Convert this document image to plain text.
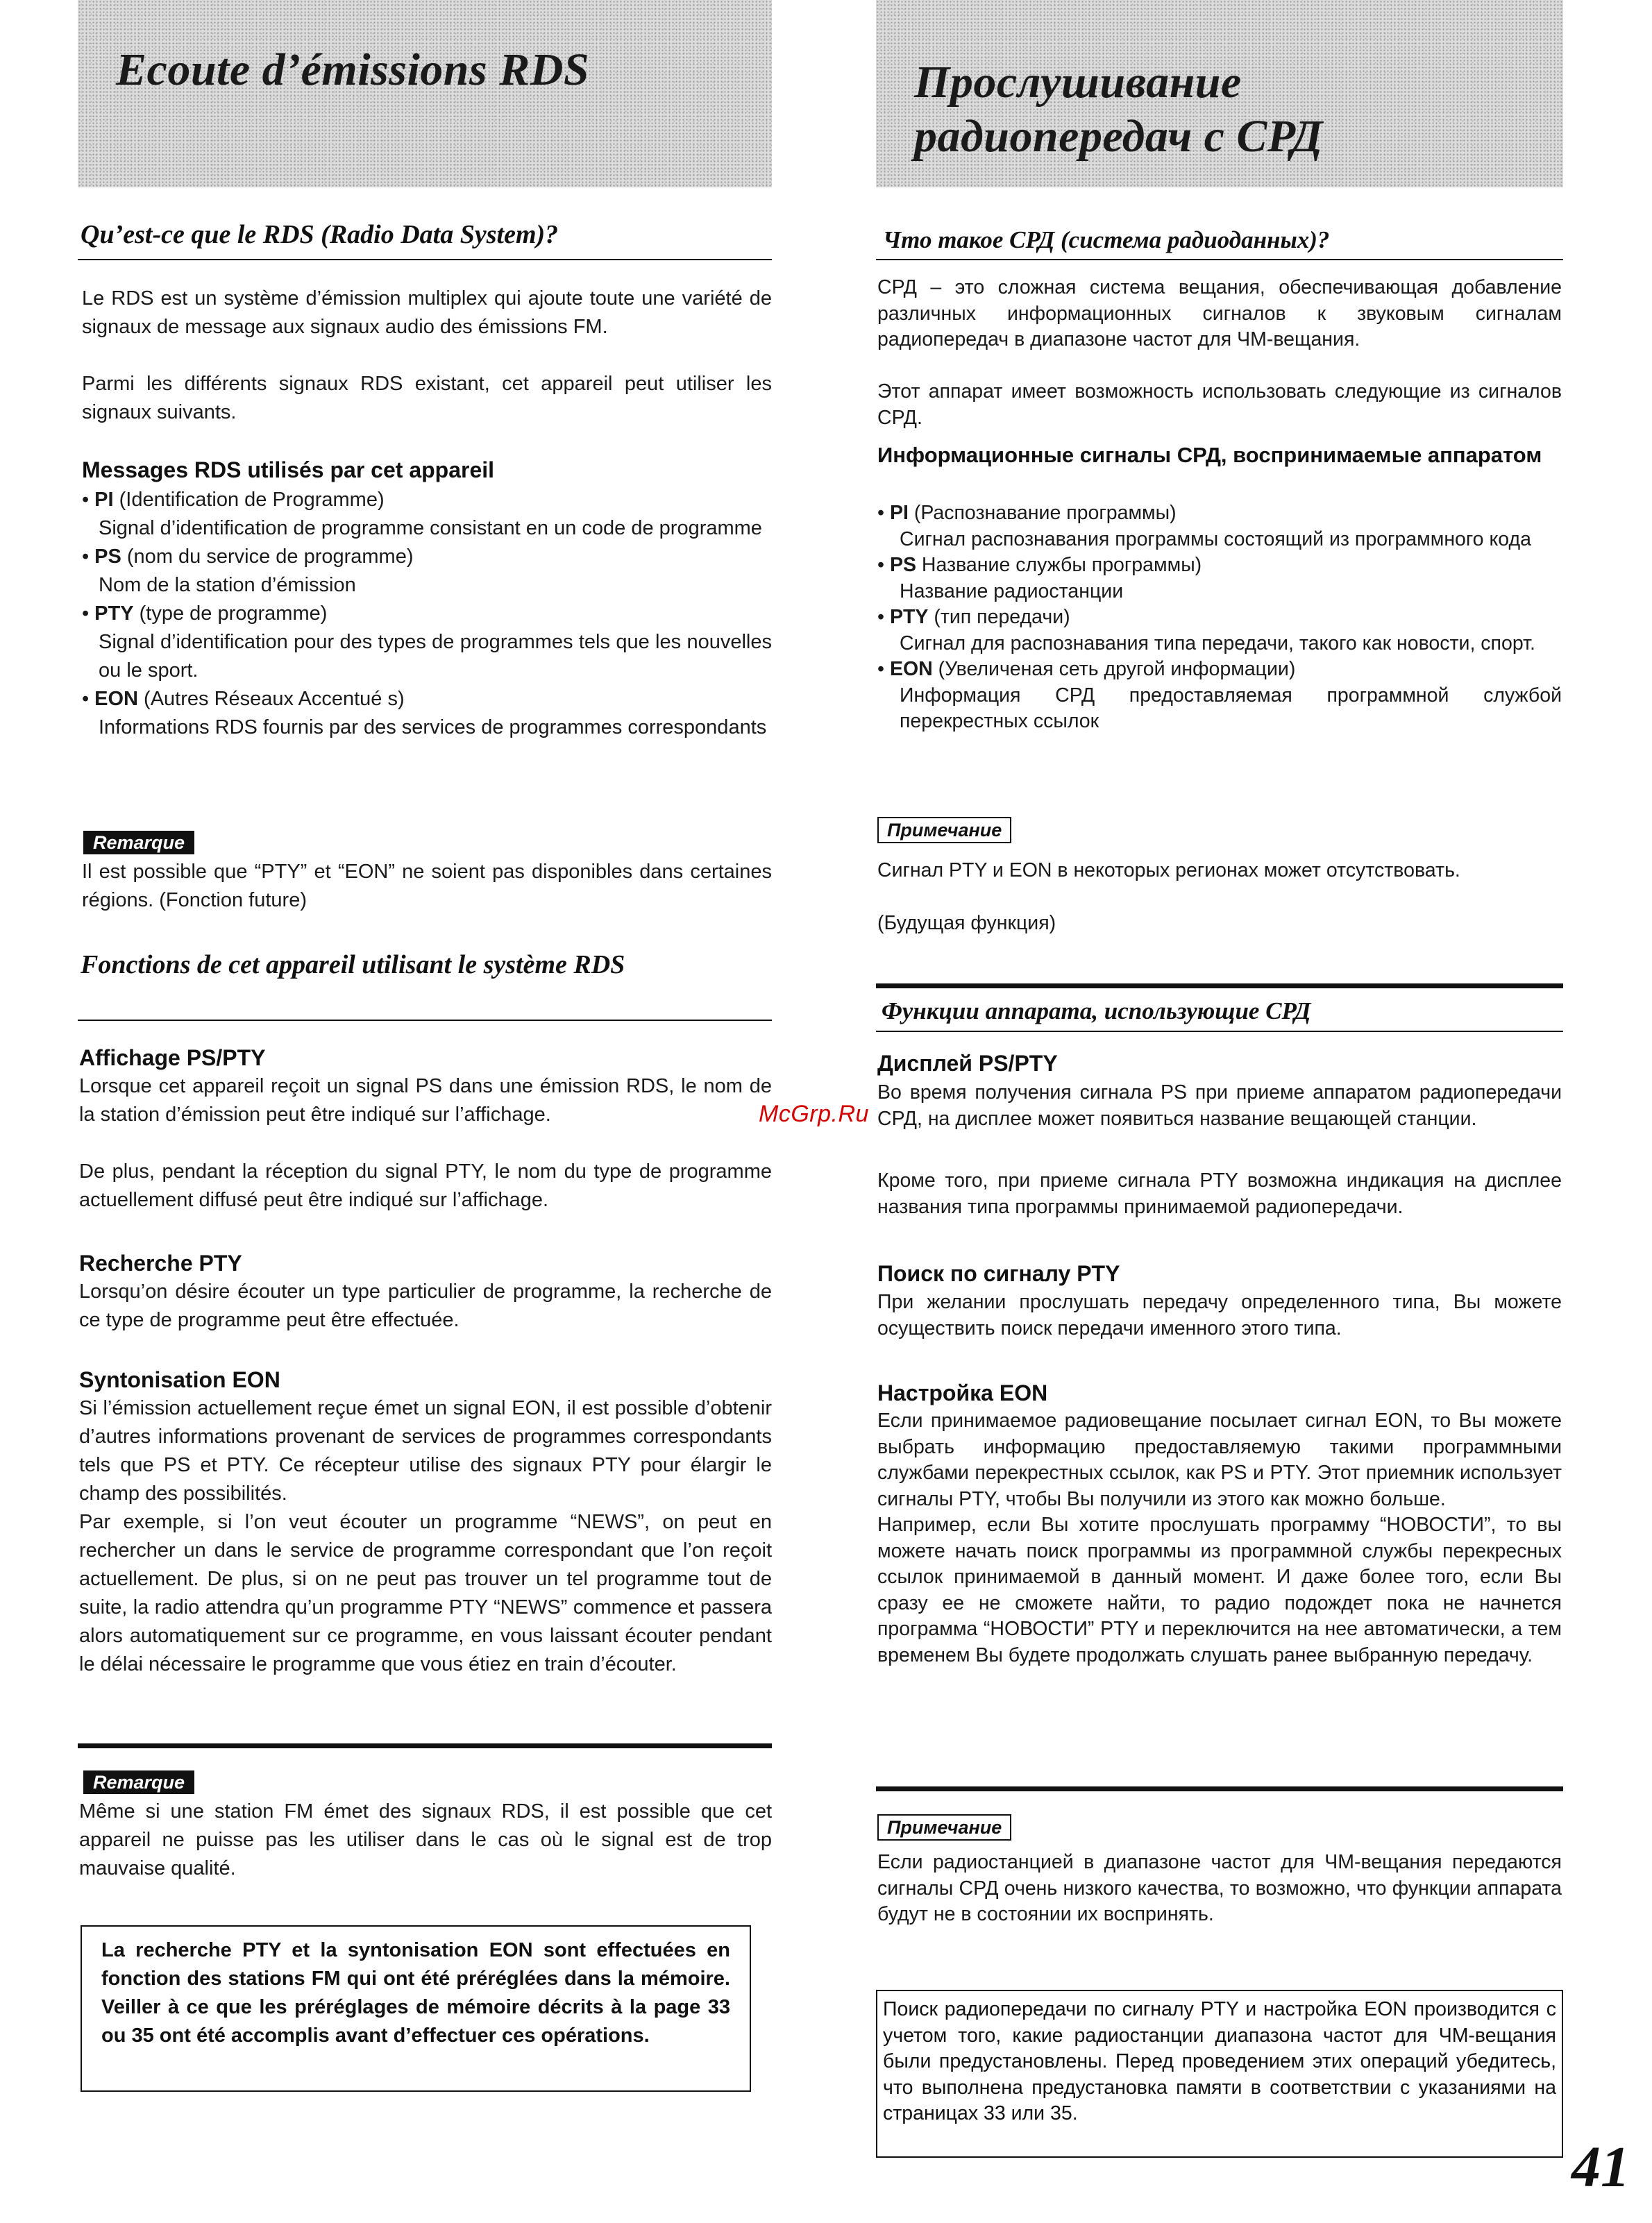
Ecoute d’émissions RDS	Прослушивание
радиопередач с СРД
Qu’est-ce que le RDS (Radio Data System)?

Le RDS est un système d’émission multiplex qui ajoute toute une variété de signaux de message aux signaux audio des émissions FM.

Parmi les différents signaux RDS existant, cet appareil peut utiliser les signaux suivants.

Messages RDS utilisés par cet appareil
• PI (Identification de Programme)
Signal d’identification de programme consistant en un code de programme
• PS (nom du service de programme)
Nom de la station d’émission
• PTY (type de programme)
Signal d’identification pour des types de programmes tels que les nouvelles ou le sport.
• EON (Autres Réseaux Accentué s)
Informations RDS fournis par des services de programmes correspondants
Remarque

Il est possible que “PTY” et “EON” ne soient pas disponibles dans certaines régions. (Fonction future)

Fonctions de cet appareil utilisant le système RDS
Affichage PS/PTY

Lorsque cet appareil reçoit un signal PS dans une émission RDS, le nom de la station d’émission peut être indiqué sur l’affichage.

De plus, pendant la réception du signal PTY, le nom du type de programme actuellement diffusé peut être indiqué sur l’affichage.

Recherche PTY

Lorsqu’on désire écouter un type particulier de programme, la recherche de ce type de programme peut être effectuée.

Syntonisation EON

Si l’émission actuellement reçue émet un signal EON, il est possible d’obtenir d’autres informations provenant de services de programmes correspondants tels que PS et PTY. Ce récepteur utilise des signaux PTY pour élargir le champ des possibilités.

Par exemple, si l’on veut écouter un programme “NEWS”, on peut en rechercher un dans le service de programme correspondant que l’on reçoit actuellement. De plus, si on ne peut pas trouver un tel programme tout de suite, la radio attendra qu’un programme PTY “NEWS” commence et passera alors automatiquement sur ce programme, en vous laissant écouter pendant le délai nécessaire le programme que vous étiez en train d’écouter.

Remarque

Même si une station FM émet des signaux RDS, il est possible que cet appareil ne puisse pas les utiliser dans le cas où le signal est de trop mauvaise qualité.

La recherche PTY et la syntonisation EON sont effectuées en fonction des stations FM qui ont été préréglées dans la mémoire. Veiller à ce que les préréglages de mémoire décrits à la page 33 ou 35 ont été accomplis avant d’effectuer ces opérations.

Что такое СРД (система радиоданных)?

СРД – это сложная система вещания, обеспечивающая добавление различных информационных сигналов к звуковым сигналам радиопередач в диапазоне частот для ЧМ-вещания.

Этот аппарат имеет возможность использовать следующие из сигналов СРД.

Информационные сигналы СРД, воспринимаемые аппаратом
• PI (Распознавание программы)
Сигнал распознавания программы состоящий из программного кода
• PS Название службы программы)
Название радиостанции
• PTY (тип передачи)
Сигнал для распознавания типа передачи, такого как новости, спорт.
• EON (Увеличеная сеть другой информации)
Информация СРД предоставляемая программной службой перекрестных ссылок
Примечание

Сигнал PTY и EON в некоторых регионах может отсутствовать.

(Будущая функция)

Функции аппарата, использующие СРД
Дисплей PS/PTY

Во время получения сигнала PS при приеме аппаратом радиопередачи СРД, на дисплее может появиться название вещающей станции.

Кроме того, при приеме сигнала PTY возможна индикация на дисплее названия типа программы принимаемой радиопередачи.

Поиск по сигналу PTY

При желании прослушать передачу определенного типа, Вы можете осуществить поиск передачи именного этого типа.

Настройка EON

Если принимаемое радиовещание посылает сигнал EON, то Вы можете выбрать информацию предоставляемую такими программными службами перекрестных ссылок, как PS и PTY. Этот приемник использует сигналы PTY, чтобы Вы получили из этого как можно больше.

Например, если Вы хотите прослушать программу “НОВОСТИ”, то вы можете начать поиск программы из программной службы перекресных ссылок принимаемой в данный момент. И даже более того, если Вы сразу ее не сможете найти, то радио подождет пока не начнется программа “НОВОСТИ” PTY и переключится на нее автоматически, а тем временем Вы будете продолжать слушать ранее выбранную передачу.

Примечание

Если радиостанцией в диапазоне частот для ЧМ-вещания передаются сигналы СРД очень низкого качества, то возможно, что функции аппарата будут не в состоянии их воспринять.

Поиск радиопередачи по сигналу PTY и настройка EON производится с учетом того, какие радиостанции диапазона частот для ЧМ-вещания были предустановлены. Перед проведением этих операций убедитесь, что выполнена предустановка памяти в соответствии с указаниями на страницах 33 или 35.

McGrp.Ru
41
